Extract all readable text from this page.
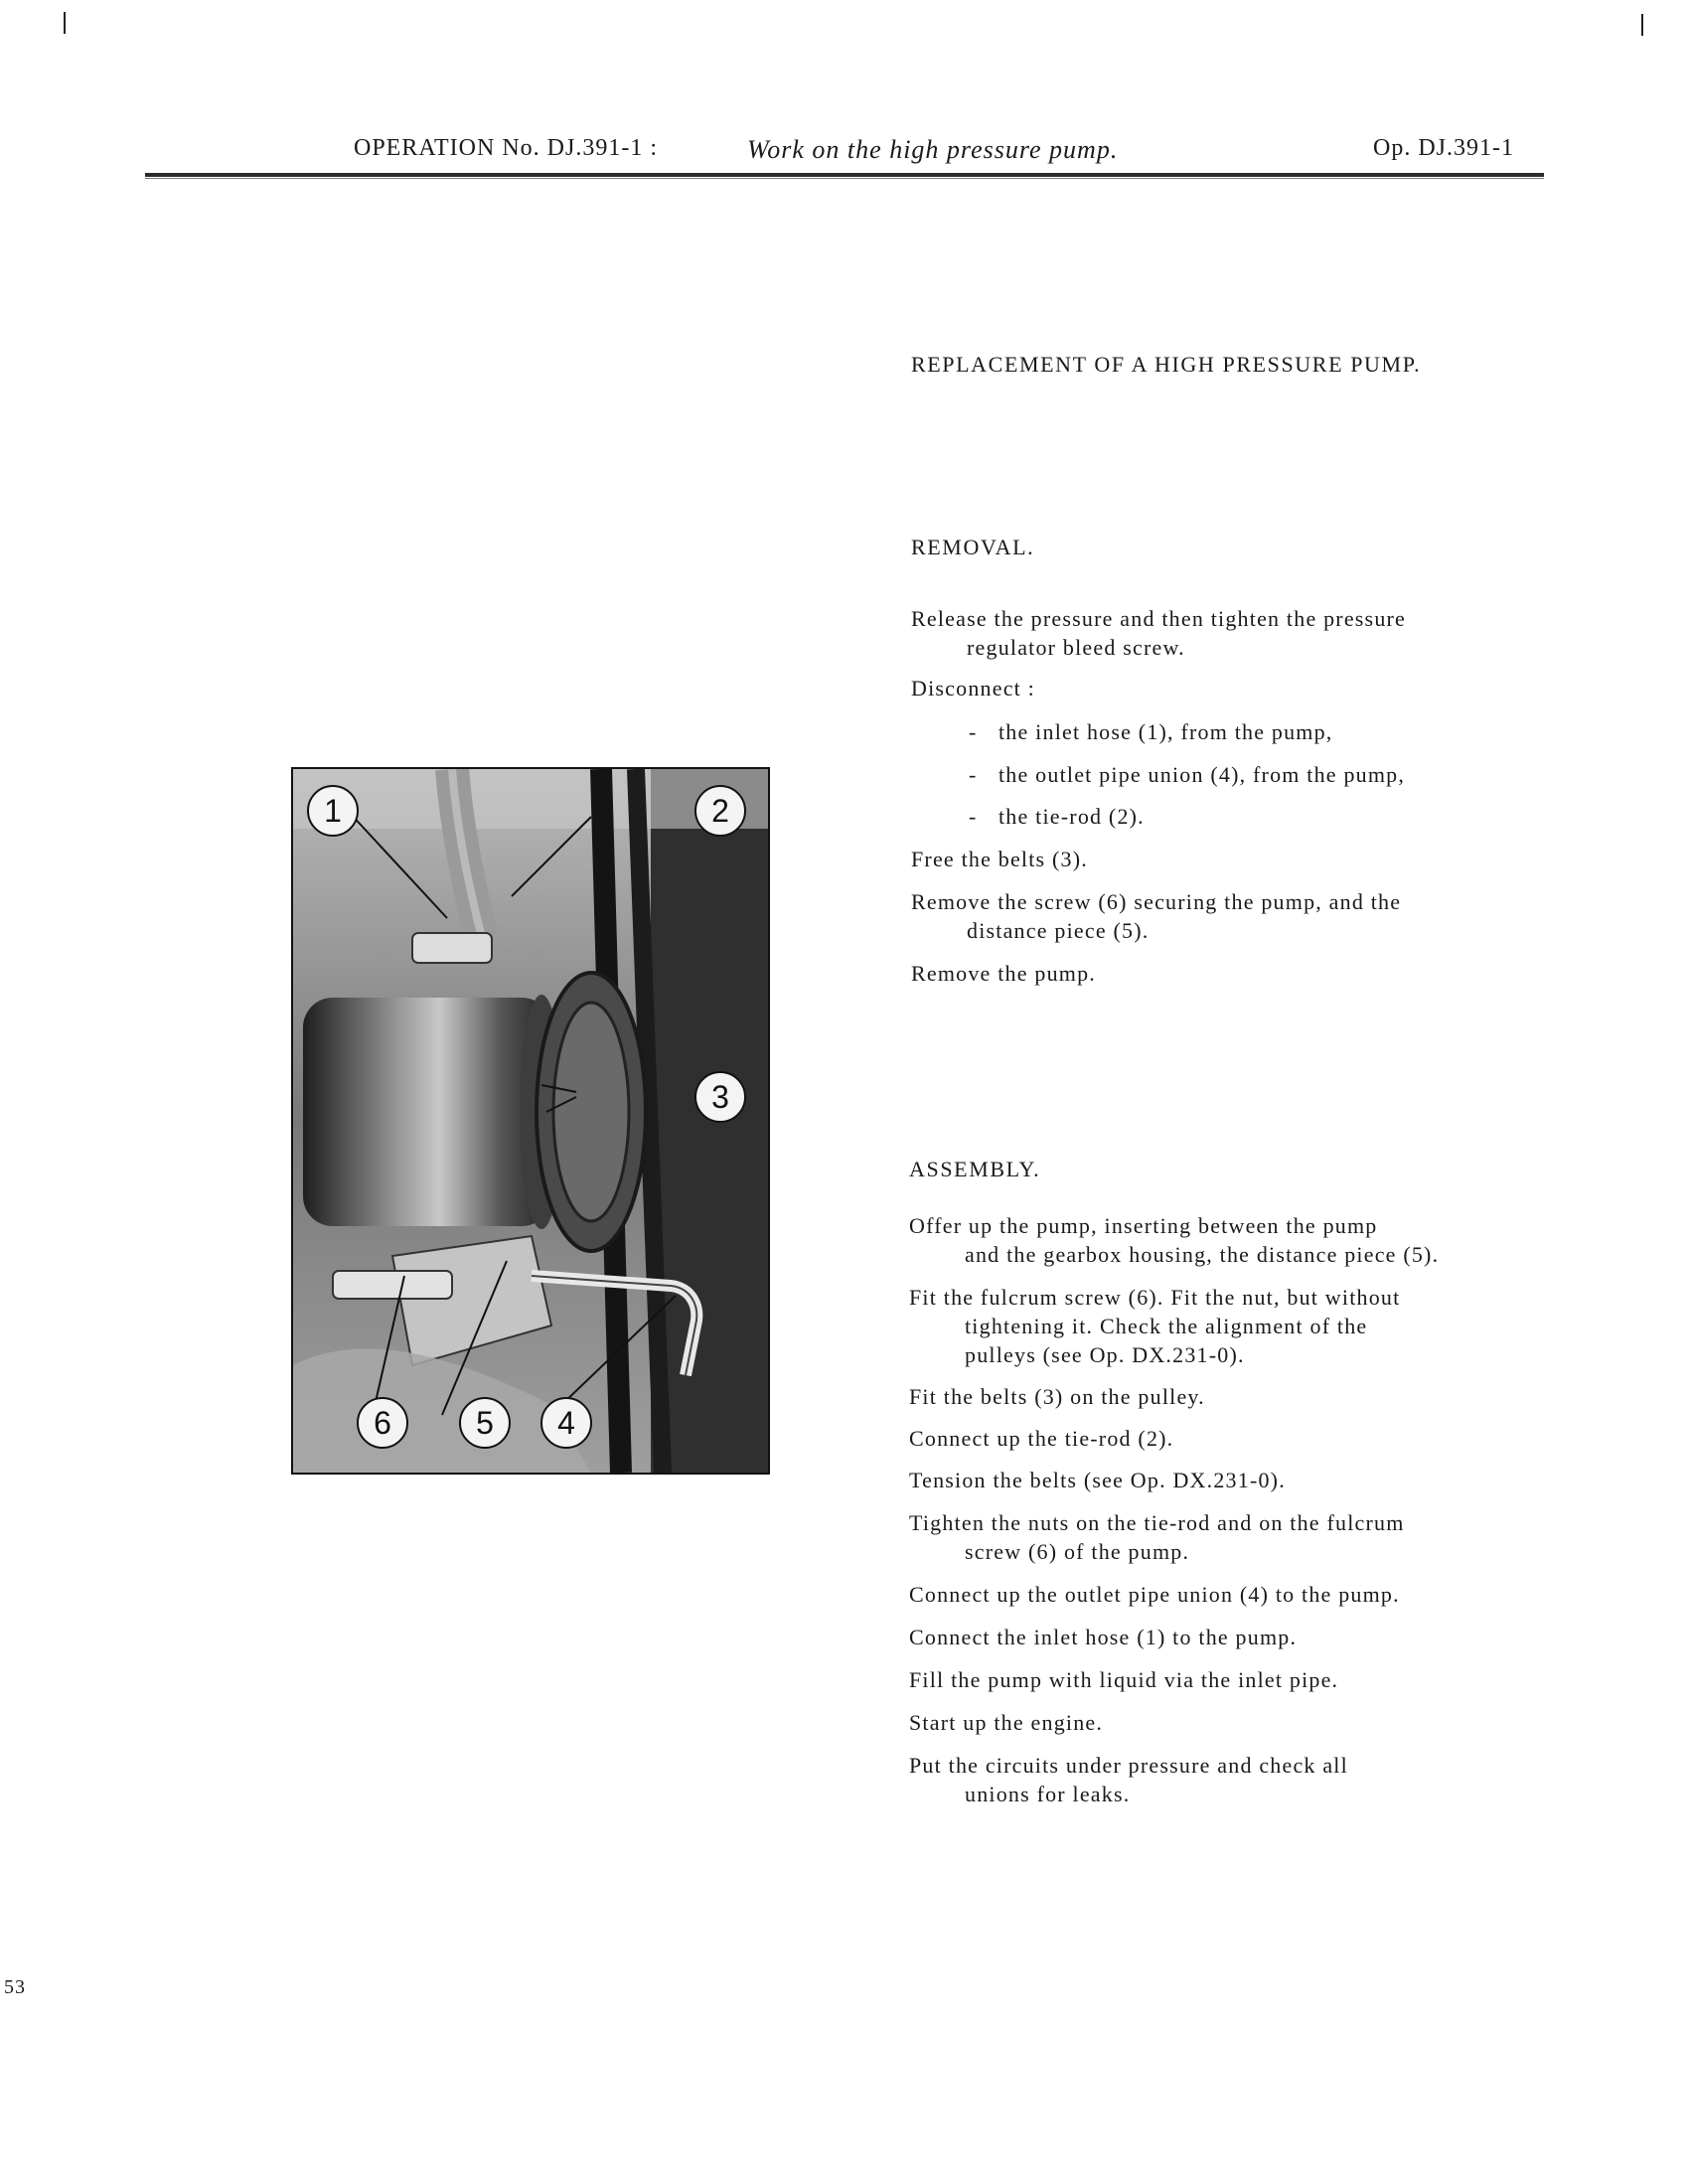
OPERATION No. DJ.391-1 :	Work on the high pressure pump.	Op. DJ.391-1
REPLACEMENT OF A HIGH PRESSURE PUMP.
REMOVAL.
Release the pressure and then tighten the pressure
regulator bleed screw.
Disconnect :
- the inlet hose (1), from the pump,
- the outlet pipe union (4), from the pump,
- the tie-rod (2).
Free the belts (3).
Remove the screw (6) securing the pump, and the
distance piece (5).
Remove the pump.
ASSEMBLY.
Offer up the pump, inserting between the pump
and the gearbox housing, the distance piece (5).
Fit the fulcrum screw (6). Fit the nut, but without
tightening it. Check the alignment of the
pulleys (see Op. DX.231-0).
Fit the belts (3) on the pulley.
Connect up the tie-rod (2).
Tension the belts (see Op. DX.231-0).
Tighten the nuts on the tie-rod and on the fulcrum
screw (6) of the pump.
Connect up the outlet pipe union (4) to the pump.
Connect the inlet hose (1) to the pump.
Fill the pump with liquid via the inlet pipe.
Start up the engine.
Put the circuits under pressure and check all
unions for leaks.
1	2
3
4
5
6
53
